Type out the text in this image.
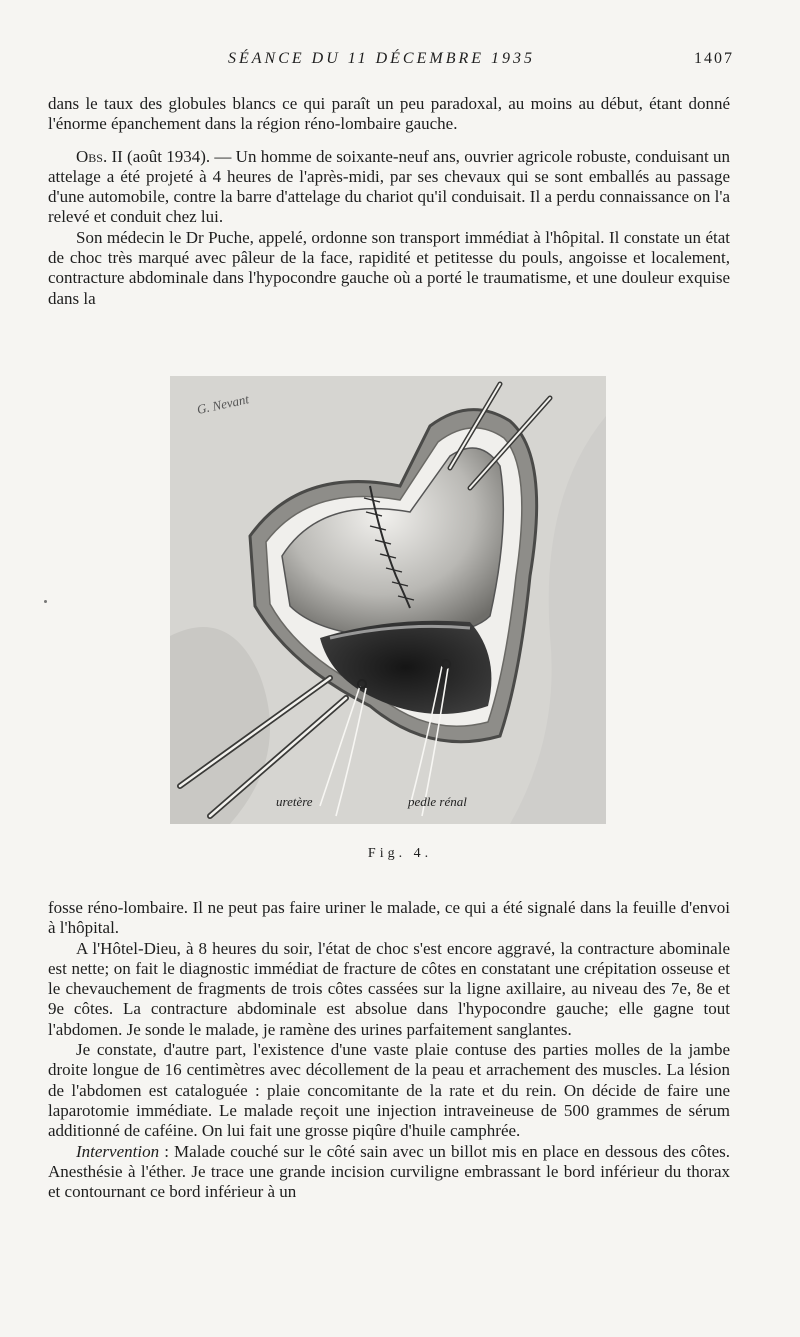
SÉANCE DU 11 DÉCEMBRE 1935	1407

dans le taux des globules blancs ce qui paraît un peu paradoxal, au moins au début, étant donné l'énorme épanchement dans la région réno-lombaire gauche.

Obs. II (août 1934). — Un homme de soixante-neuf ans, ouvrier agricole robuste, conduisant un attelage a été projeté à 4 heures de l'après-midi, par ses chevaux qui se sont emballés au passage d'une automobile, contre la barre d'attelage du chariot qu'il conduisait. Il a perdu connaissance on l'a relevé et conduit chez lui.

Son médecin le Dr Puche, appelé, ordonne son transport immédiat à l'hôpital. Il constate un état de choc très marqué avec pâleur de la face, rapidité et petitesse du pouls, angoisse et localement, contracture abdominale dans l'hypocondre gauche où a porté le traumatisme, et une douleur exquise dans la

G. Nevant
uretère	pedle rénal
Fig. 4.

fosse réno-lombaire. Il ne peut pas faire uriner le malade, ce qui a été signalé dans la feuille d'envoi à l'hôpital.

A l'Hôtel-Dieu, à 8 heures du soir, l'état de choc s'est encore aggravé, la contracture abominale est nette; on fait le diagnostic immédiat de fracture de côtes en constatant une crépitation osseuse et le chevauchement de fragments de trois côtes cassées sur la ligne axillaire, au niveau des 7e, 8e et 9e côtes. La contracture abdominale est absolue dans l'hypocondre gauche; elle gagne tout l'abdomen. Je sonde le malade, je ramène des urines parfaitement sanglantes.

Je constate, d'autre part, l'existence d'une vaste plaie contuse des parties molles de la jambe droite longue de 16 centimètres avec décollement de la peau et arrachement des muscles. La lésion de l'abdomen est cataloguée : plaie concomitante de la rate et du rein. On décide de faire une laparotomie immédiate. Le malade reçoit une injection intraveineuse de 500 grammes de sérum additionné de caféine. On lui fait une grosse piqûre d'huile camphrée.

Intervention : Malade couché sur le côté sain avec un billot mis en place en dessous des côtes. Anesthésie à l'éther. Je trace une grande incision curviligne embrassant le bord inférieur du thorax et contournant ce bord inférieur à un
